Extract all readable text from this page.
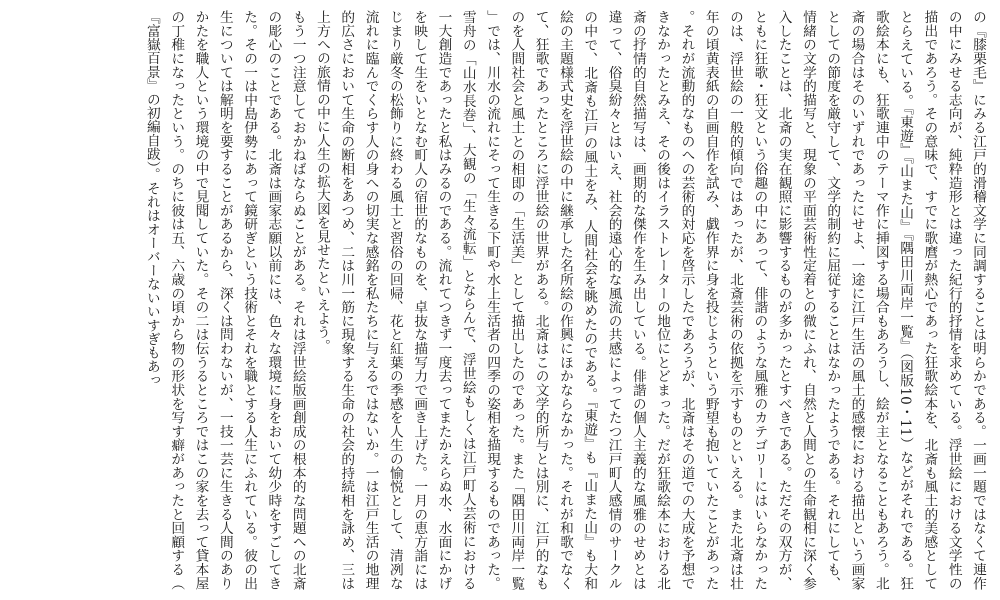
の『膝栗毛』にみる江戸的滑稽文学に同調することは明らかである。一画一題ではなくて連作の中にみせる志向が、純粋造形とは違った紀行的抒情を求めている。浮世絵における文学性の描出であろう。その意味で、すでに歌麿が熱心であった狂歌絵本を、北斎も風土的美感としてとらえている。『東遊』『山また山』『隅田川両岸一覧』（図版10・11）などがそれである。狂歌絵本にも、狂歌連中のテーマ作に挿図する場合もあろうし、絵が主となることもあろう。北斎の場合はそのいずれであったにせよ、一途に江戸生活の風土的感懐における描出という画家としての節度を厳守して、文学的制約に屈従することはなかったようである。それにしても、情緒の文学的描写と、現象の平面芸術性定着との微にふれ、自然と人間との生命観相に深く参入したことは、北斎の実在観照に影響するものが多かったとすべきである。ただその双方が、ともに狂歌・狂文という俗趣の中にあって、俳諧のような風雅のカテゴリーにはいらなかったのは、浮世絵の一般的傾向ではあったが、北斎芸術の依拠を示すものといえる。また北斎は壮年の頃黄表紙の自画自作を試み、戯作界に身を投じようという野望も抱いていたことがあった。それが流動的なものへの芸術的対応を啓示したであろうが、北斎はその道での大成を予想できなかったとみえ、その後はイラストレーターの地位にとどまった。だが狂歌絵本における北斎の抒情的自然描写は、画期的な傑作を生み出している。俳諧の個人主義的な風雅のせめとは違って、俗臭紛々とはいえ、社会的遠心的な風流の共感によってたつ江戸町人感情のサークルの中で、北斎も江戸の風土をみ、人間社会を眺めたのである。『東遊』も『山また山』も大和絵の主題様式史を浮世絵の中に継承した名所絵の作興にほかならなかった。それが和歌でなくて、狂歌であったところに浮世絵の世界がある。北斎はこの文学的所与とは別に、江戸的なものを人間社会と風土との相即の「生活美」として描出したのであった。また「隅田川両岸一覧」では、川水の流れにそって生きる下町や水上生活者の四季の姿相を描現するものであった。雪舟の「山水長巻」、大観の「生々流転」とならんで、浮世絵もしくは江戸町人芸術における一大創造であったと私はみるのである。流れてつきず一度去ってまたかえらぬ水、水面にかげを映して生をいとなむ町人の宿世的なものを、卓抜な描写力で画き上げた。一月の恵方詣にはじまり厳冬の松飾りに終わる風土と習俗の回帰、花と紅葉の季感を人生の愉悦として、清冽な流れに臨んでくらす人の身への切実な感銘を私たちに与えるではないか。一は江戸生活の地理的広さにおいて生命の断相をあつめ、二は川一筋に現象する生命の社会的持続相を詠め、三は上方への旅情の中に人生の拡大図を見せたといえよう。

もう一つ注意しておかねばならぬことがある。それは浮世絵版画創成の根本的な問題への北斎の彫心のことである。北斎は画家志願以前には、色々な環境に身をおいて幼少時をすごしてきた。その一は中島伊勢にあって鏡研ぎという技術とそれを職とする人生にふれている。彼の出生については解明を要することがあるから、深くは問わないが、一技一芸に生きる人間のありかたを職人という環境の中で見聞していた。その二は伝うるところではこの家を去って貸本屋の丁稚になったという。のちに彼は五、六歳の頃から物の形状を写す癖があったと回顧する（『富嶽百景』の初編自跋）。それはオーバーないいすぎもあっ
